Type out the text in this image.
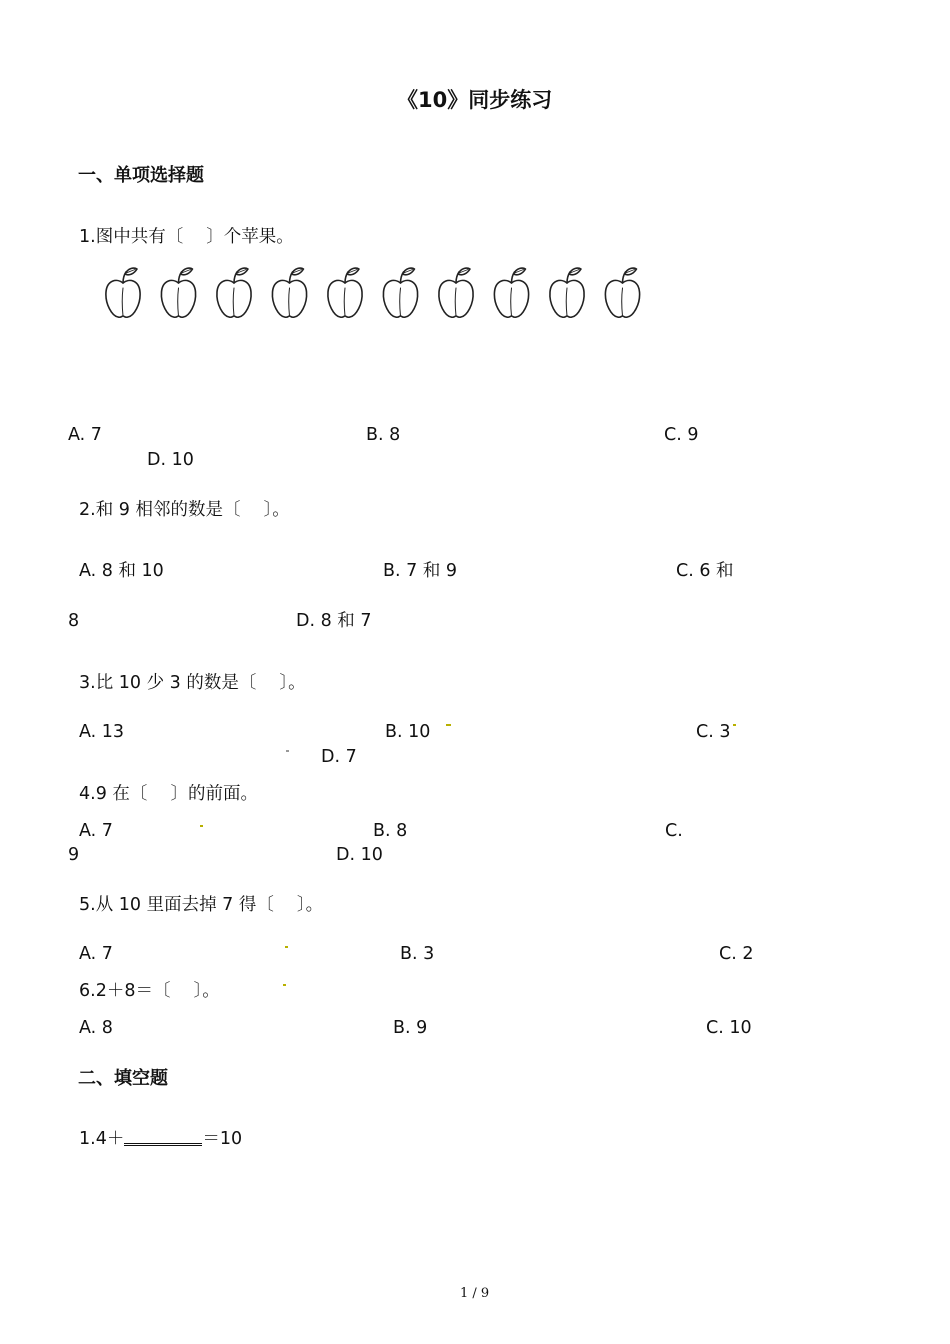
《10》同步练习
一、单项选择题
1.图中共有〔　 〕个苹果。
A. 7	B. 8	C. 9
D. 10
2.和 9 相邻的数是〔　 〕。
A. 8 和 10	B. 7 和 9	C. 6 和
8	D. 8 和 7
3.比 10 少 3 的数是〔　 〕。
A. 13	B. 10	C. 3
D. 7
4.9 在〔　 〕的前面。
A. 7	B. 8	C.
9	D. 10
5.从 10 里面去掉 7 得〔　 〕。
A. 7	B. 3	C. 2
6.2＋8＝〔　 〕。
A. 8	B. 9	C. 10
二、填空题
1.4＋	＝10
1 / 9
